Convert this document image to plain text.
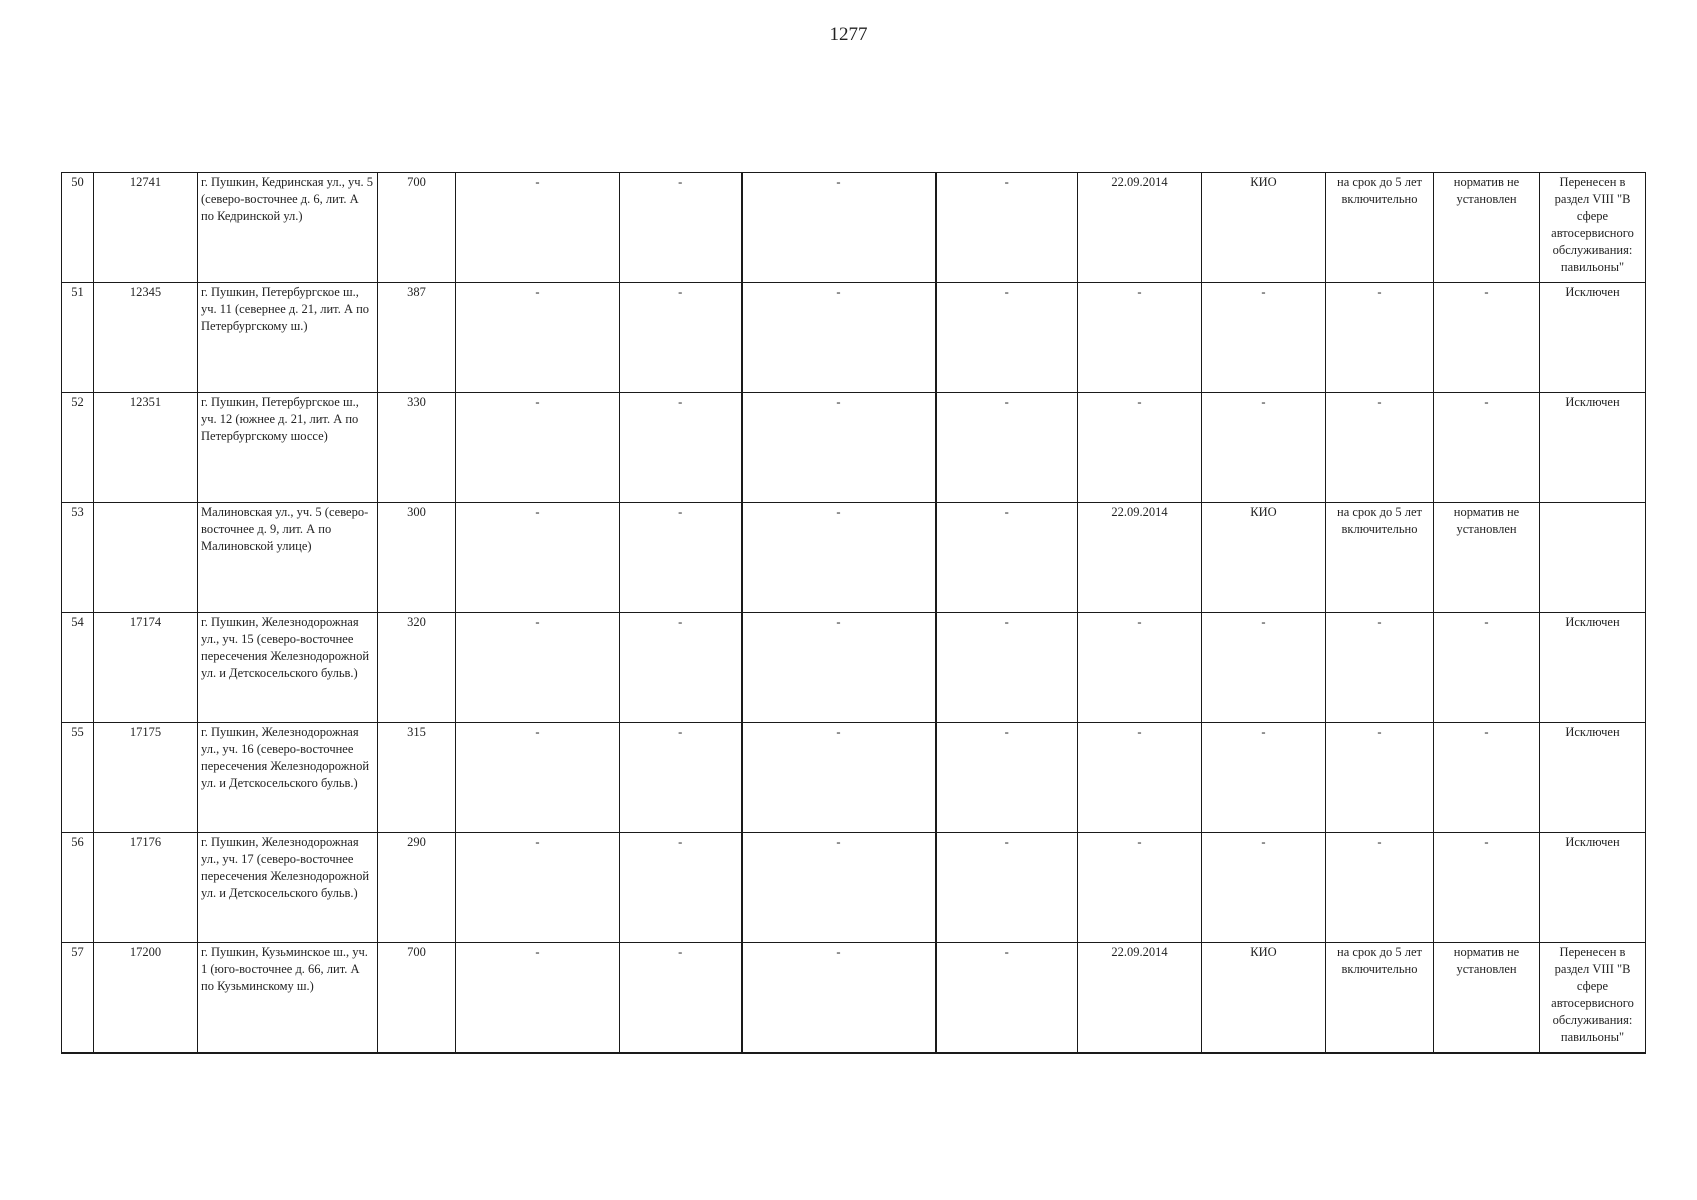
1277
50	12741	г. Пушкин, Кедринская ул., уч. 5 (северо-восточнее д. 6, лит. А по Кедринской ул.)	700	-	-	-	-	22.09.2014	КИО	на срок до 5 лет включительно	норматив не установлен	Перенесен в раздел VIII "В сфере автосервисного обслуживания: павильоны"
51	12345	г. Пушкин, Петербургское ш., уч. 11 (севернее д. 21, лит. А по Петербургскому ш.)	387	-	-	-	-	-	-	-	-	Исключен
52	12351	г. Пушкин, Петербургское ш., уч. 12 (южнее д. 21, лит. А по Петербургскому шоссе)	330	-	-	-	-	-	-	-	-	Исключен
53		Малиновская ул., уч. 5 (северо-восточнее д. 9, лит. А по Малиновской улице)	300	-	-	-	-	22.09.2014	КИО	на срок до 5 лет включительно	норматив не установлен	
54	17174	г. Пушкин, Железнодорожная ул., уч. 15 (северо-восточнее пересечения Железнодорожной ул. и Детскосельского бульв.)	320	-	-	-	-	-	-	-	-	Исключен
55	17175	г. Пушкин, Железнодорожная ул., уч. 16 (северо-восточнее пересечения Железнодорожной ул. и Детскосельского бульв.)	315	-	-	-	-	-	-	-	-	Исключен
56	17176	г. Пушкин, Железнодорожная ул., уч. 17 (северо-восточнее пересечения Железнодорожной ул. и Детскосельского бульв.)	290	-	-	-	-	-	-	-	-	Исключен
57	17200	г. Пушкин, Кузьминское ш., уч. 1 (юго-восточнее д. 66, лит. А по Кузьминскому ш.)	700	-	-	-	-	22.09.2014	КИО	на срок до 5 лет включительно	норматив не установлен	Перенесен в раздел VIII "В сфере автосервисного обслуживания: павильоны"
